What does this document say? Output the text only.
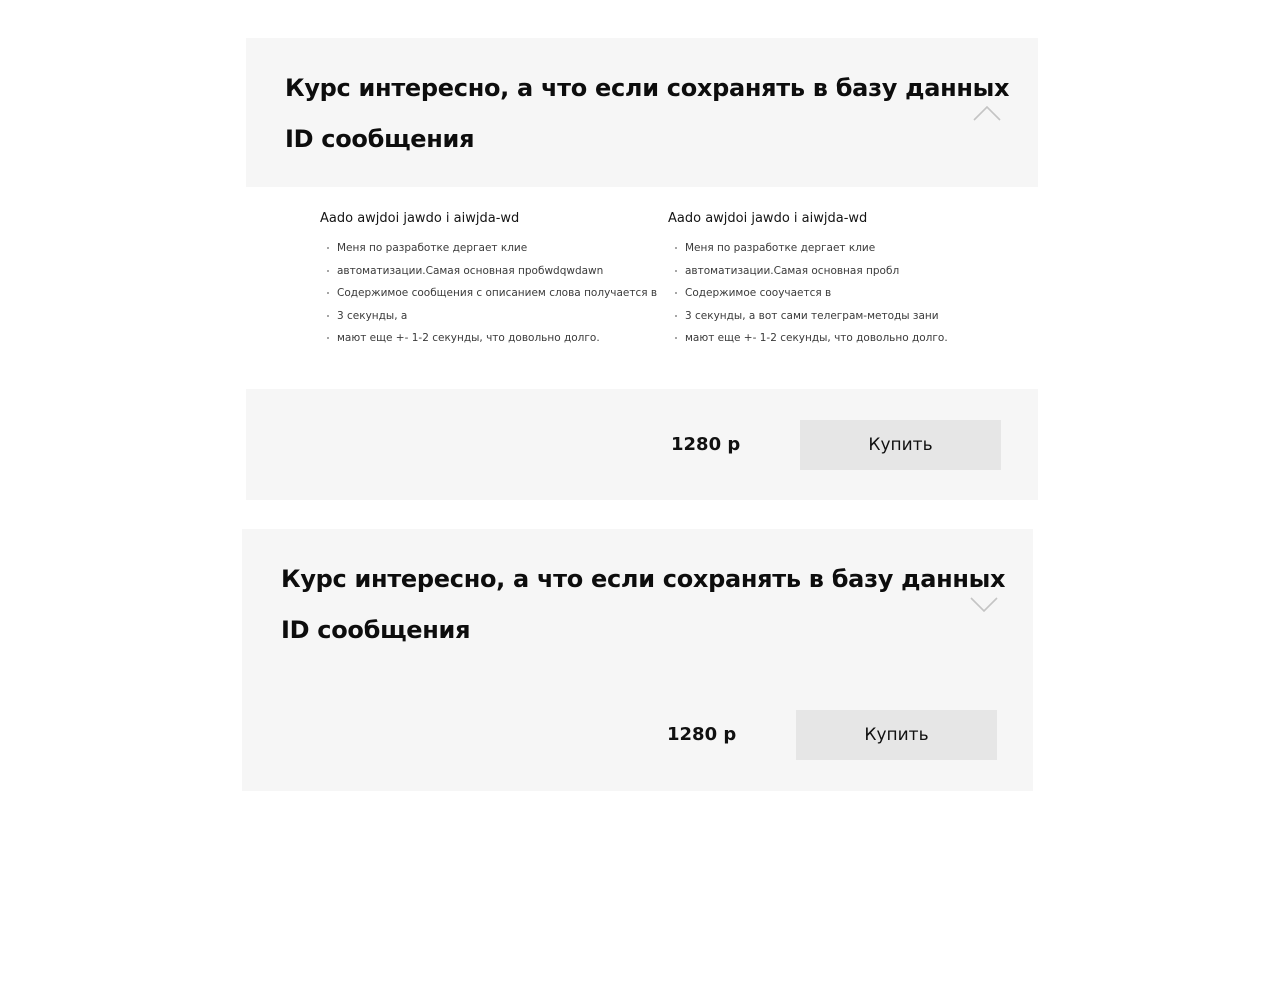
Курс интересно, а что если сохранять в базу данных
ID сообщения
Aado awjdoi jawdo i aiwjda-wd
Меня по разработке дергает клие
автоматизации.Самая основная пробwdqwdawn
Содержимое сообщения с описанием слова получается в
3 секунды, а
мают еще +- 1-2 секунды, что довольно долго.
Aado awjdoi jawdo i aiwjda-wd
Меня по разработке дергает клие
автоматизации.Самая основная пробл
Содержимое сооучается в
3 секунды, а вот сами телеграм-методы зани
мают еще +- 1-2 секунды, что довольно долго.
1280 р	Купить
Курс интересно, а что если сохранять в базу данных
ID сообщения
1280 р	Купить
